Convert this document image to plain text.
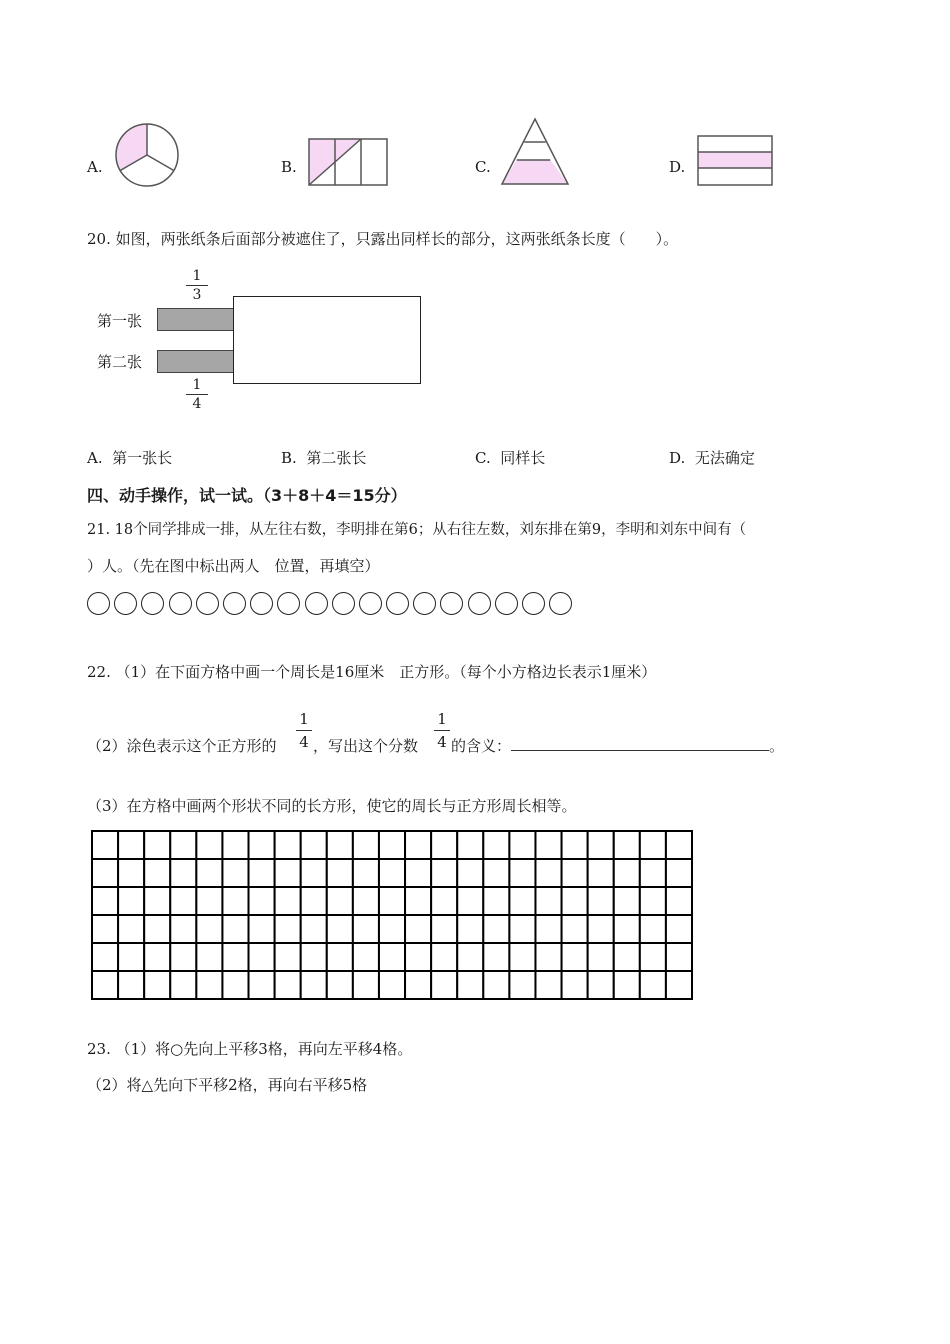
A.	B.	C.	D.
20. 如图，两张纸条后面部分被遮住了，只露出同样长的部分，这两张纸条长度（　　）。
1
3
第一张
第二张
1
4
A. 第一张长	B. 第二张长	C. 同样长	D. 无法确定
四、动手操作，试一试。（3＋8＋4＝15分）
21. 18个同学排成一排，从左往右数，李明排在第6；从右往左数，刘东排在第9，李明和刘东中间有（
）人。（先在图中标出两人　位置，再填空）
22. （1）在下面方格中画一个周长是16厘米　正方形。（每个小方格边长表示1厘米）
（2）涂色表示这个正方形的
1
4 ，写出这个分数
1
4 的含义：	。
（3）在方格中画两个形状不同的长方形，使它的周长与正方形周长相等。
23. （1）将○先向上平移3格，再向左平移4格。
（2）将△先向下平移2格，再向右平移5格
